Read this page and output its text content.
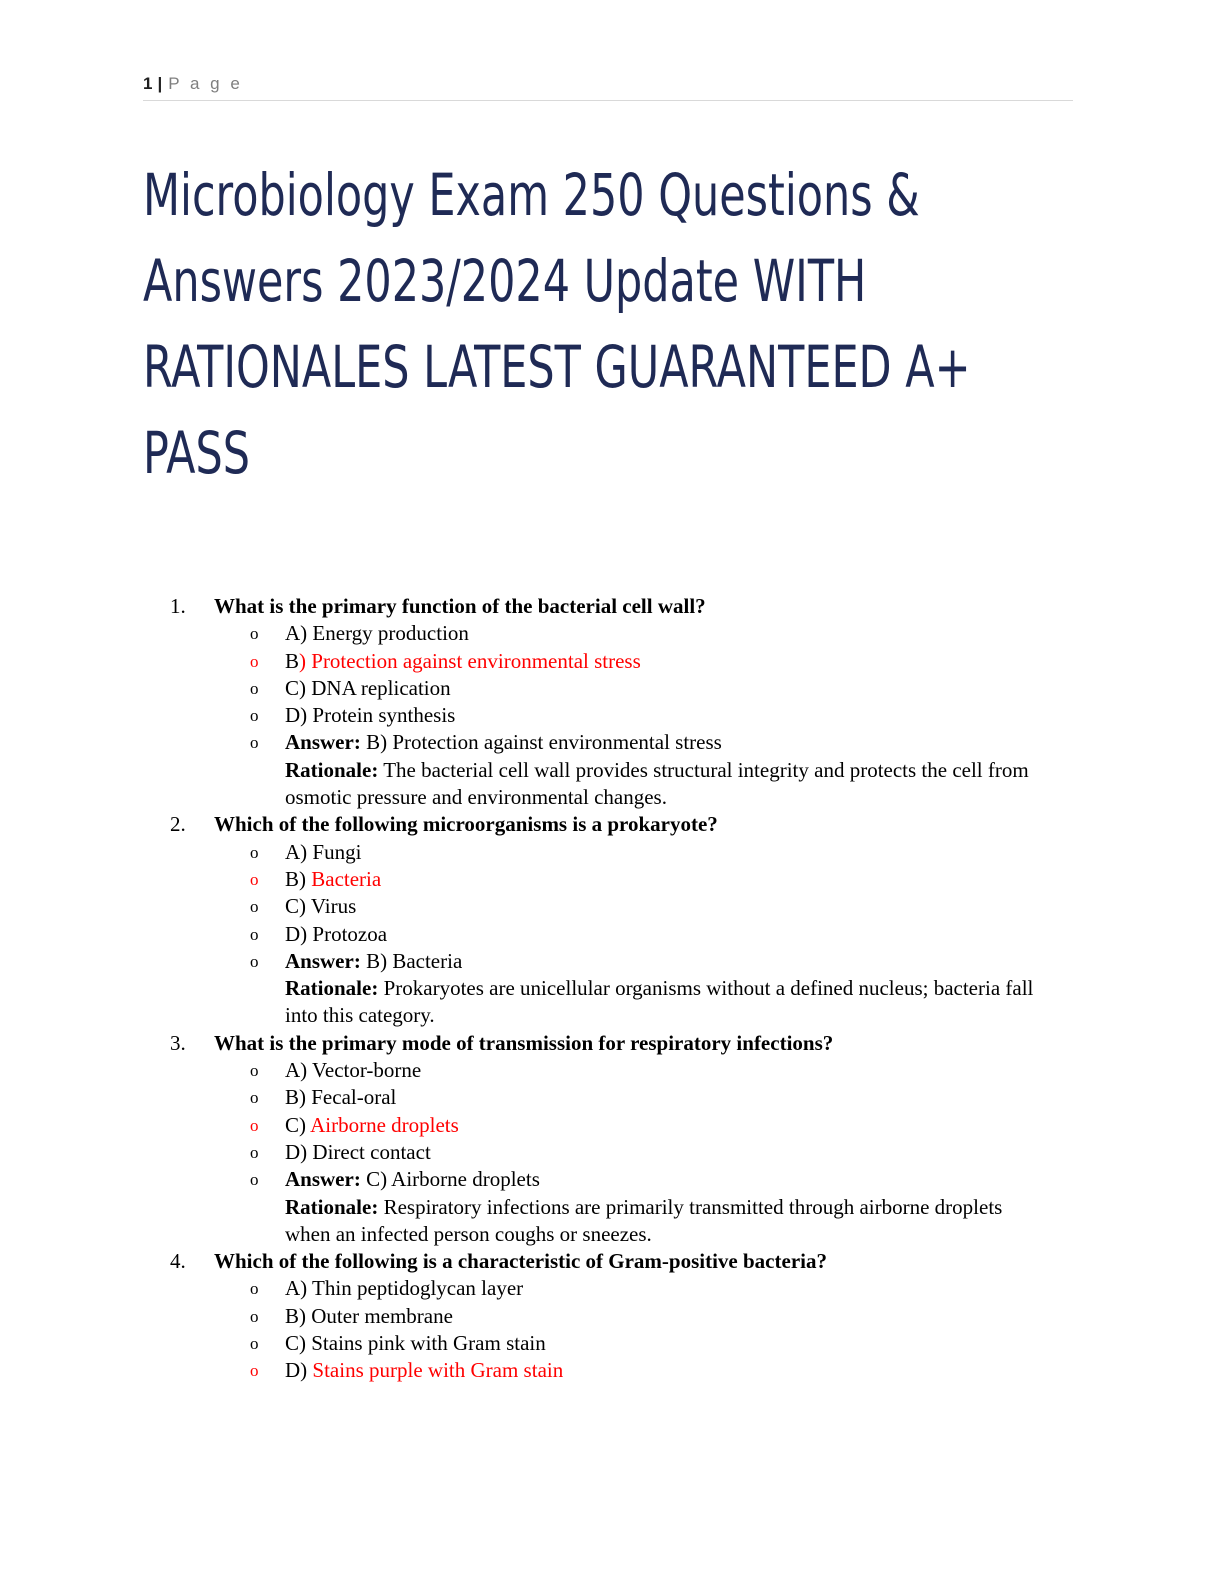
1 | P a g e
Microbiology Exam 250 Questions & Answers 2023/2024 Update WITH RATIONALES LATEST GUARANTEED A+ PASS
1. What is the primary function of the bacterial cell wall?
o A) Energy production
o B) Protection against environmental stress
o C) DNA replication
o D) Protein synthesis
o Answer: B) Protection against environmental stress
Rationale: The bacterial cell wall provides structural integrity and protects the cell from osmotic pressure and environmental changes.
2. Which of the following microorganisms is a prokaryote?
o A) Fungi
o B) Bacteria
o C) Virus
o D) Protozoa
o Answer: B) Bacteria
Rationale: Prokaryotes are unicellular organisms without a defined nucleus; bacteria fall into this category.
3. What is the primary mode of transmission for respiratory infections?
o A) Vector-borne
o B) Fecal-oral
o C) Airborne droplets
o D) Direct contact
o Answer: C) Airborne droplets
Rationale: Respiratory infections are primarily transmitted through airborne droplets when an infected person coughs or sneezes.
4. Which of the following is a characteristic of Gram-positive bacteria?
o A) Thin peptidoglycan layer
o B) Outer membrane
o C) Stains pink with Gram stain
o D) Stains purple with Gram stain
